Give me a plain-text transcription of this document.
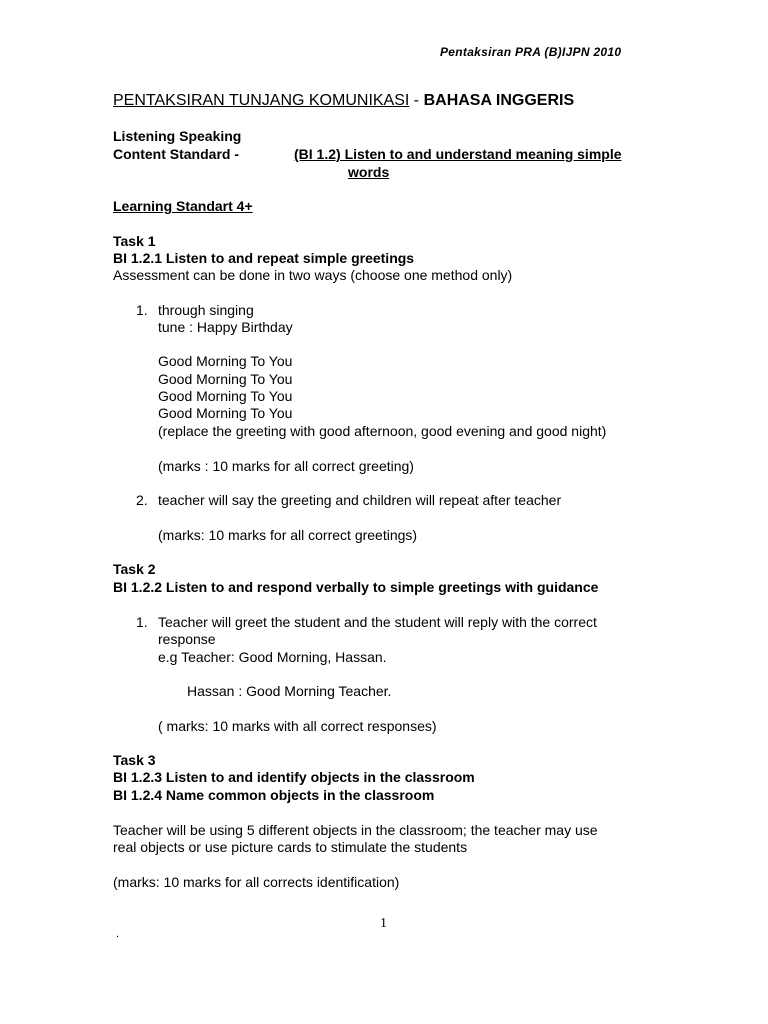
Pentaksiran PRA (B)IJPN 2010
PENTAKSIRAN TUNJANG KOMUNIKASI - BAHASA INGGERIS
Listening Speaking
Content Standard -	(BI 1.2) Listen to and understand meaning simple
words
Learning Standart 4+
Task 1
BI 1.2.1 Listen to and repeat simple greetings
Assessment can be done in two ways (choose one method only)
1. through singing
tune : Happy Birthday
Good Morning To You
Good Morning To You
Good Morning To You
Good Morning To You
(replace the greeting with good afternoon, good evening and good night)
(marks : 10 marks for all correct greeting)
2. teacher will say the greeting and children will repeat after teacher
(marks: 10 marks for all correct greetings)
Task 2
BI 1.2.2 Listen to and respond verbally to simple greetings with guidance
1. Teacher will greet the student and the student will reply with the correct
response
e.g Teacher: Good Morning, Hassan.
Hassan : Good Morning Teacher.
( marks: 10 marks with all correct responses)
Task 3
BI 1.2.3 Listen to and identify objects in the classroom
BI 1.2.4 Name common objects in the classroom
Teacher will be using 5 different objects in the classroom; the teacher may use
real objects or use picture cards to stimulate the students
(marks: 10 marks for all corrects identification)
1
.
